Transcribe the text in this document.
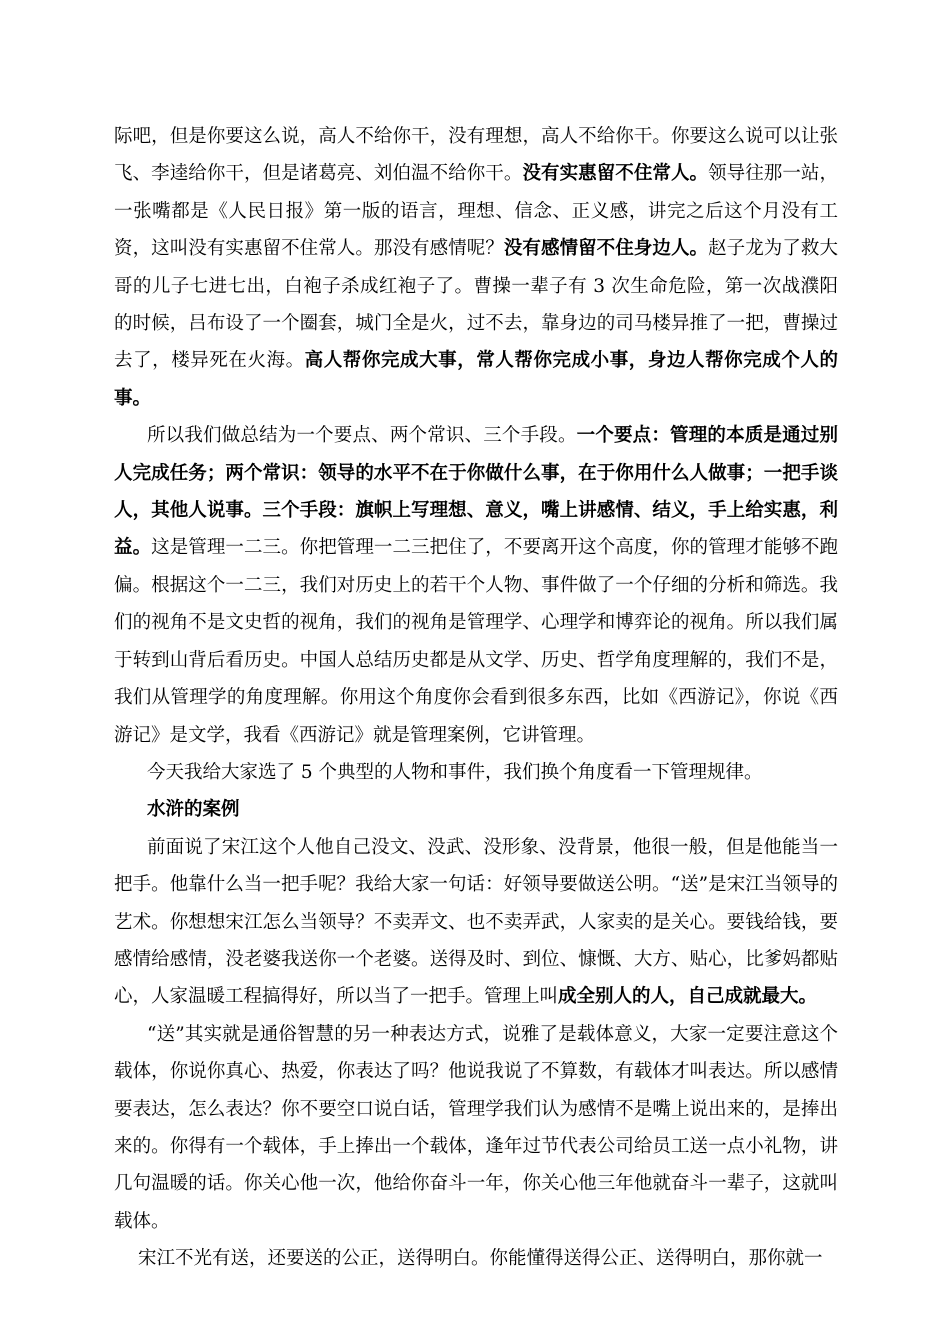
际吧，但是你要这么说，高人不给你干，没有理想，高人不给你干。你要这么说可以让张飞、李逵给你干，但是诸葛亮、刘伯温不给你干。没有实惠留不住常人。领导往那一站，一张嘴都是《人民日报》第一版的语言，理想、信念、正义感，讲完之后这个月没有工资，这叫没有实惠留不住常人。那没有感情呢？没有感情留不住身边人。赵子龙为了救大哥的儿子七进七出，白袍子杀成红袍子了。曹操一辈子有 3 次生命危险，第一次战濮阳的时候，吕布设了一个圈套，城门全是火，过不去，靠身边的司马楼异推了一把，曹操过去了，楼异死在火海。高人帮你完成大事，常人帮你完成小事，身边人帮你完成个人的事。

所以我们做总结为一个要点、两个常识、三个手段。一个要点：管理的本质是通过别人完成任务；两个常识：领导的水平不在于你做什么事，在于你用什么人做事；一把手谈人，其他人说事。三个手段：旗帜上写理想、意义，嘴上讲感情、结义，手上给实惠，利益。这是管理一二三。你把管理一二三把住了，不要离开这个高度，你的管理才能够不跑偏。根据这个一二三，我们对历史上的若干个人物、事件做了一个仔细的分析和筛选。我们的视角不是文史哲的视角，我们的视角是管理学、心理学和博弈论的视角。所以我们属于转到山背后看历史。中国人总结历史都是从文学、历史、哲学角度理解的，我们不是，我们从管理学的角度理解。你用这个角度你会看到很多东西，比如《西游记》，你说《西游记》是文学，我看《西游记》就是管理案例，它讲管理。

今天我给大家选了 5 个典型的人物和事件，我们换个角度看一下管理规律。

水浒的案例

前面说了宋江这个人他自己没文、没武、没形象、没背景，他很一般，但是他能当一把手。他靠什么当一把手呢？我给大家一句话：好领导要做送公明。“送”是宋江当领导的艺术。你想想宋江怎么当领导？不卖弄文、也不卖弄武，人家卖的是关心。要钱给钱，要感情给感情，没老婆我送你一个老婆。送得及时、到位、慷慨、大方、贴心，比爹妈都贴心，人家温暖工程搞得好，所以当了一把手。管理上叫成全别人的人，自己成就最大。

“送”其实就是通俗智慧的另一种表达方式，说雅了是载体意义，大家一定要注意这个载体，你说你真心、热爱，你表达了吗？他说我说了不算数，有载体才叫表达。所以感情要表达，怎么表达？你不要空口说白话，管理学我们认为感情不是嘴上说出来的，是捧出来的。你得有一个载体，手上捧出一个载体，逢年过节代表公司给员工送一点小礼物，讲几句温暖的话。你关心他一次，他给你奋斗一年，你关心他三年他就奋斗一辈子，这就叫载体。

宋江不光有送，还要送的公正，送得明白。你能懂得送得公正、送得明白，那你就一
